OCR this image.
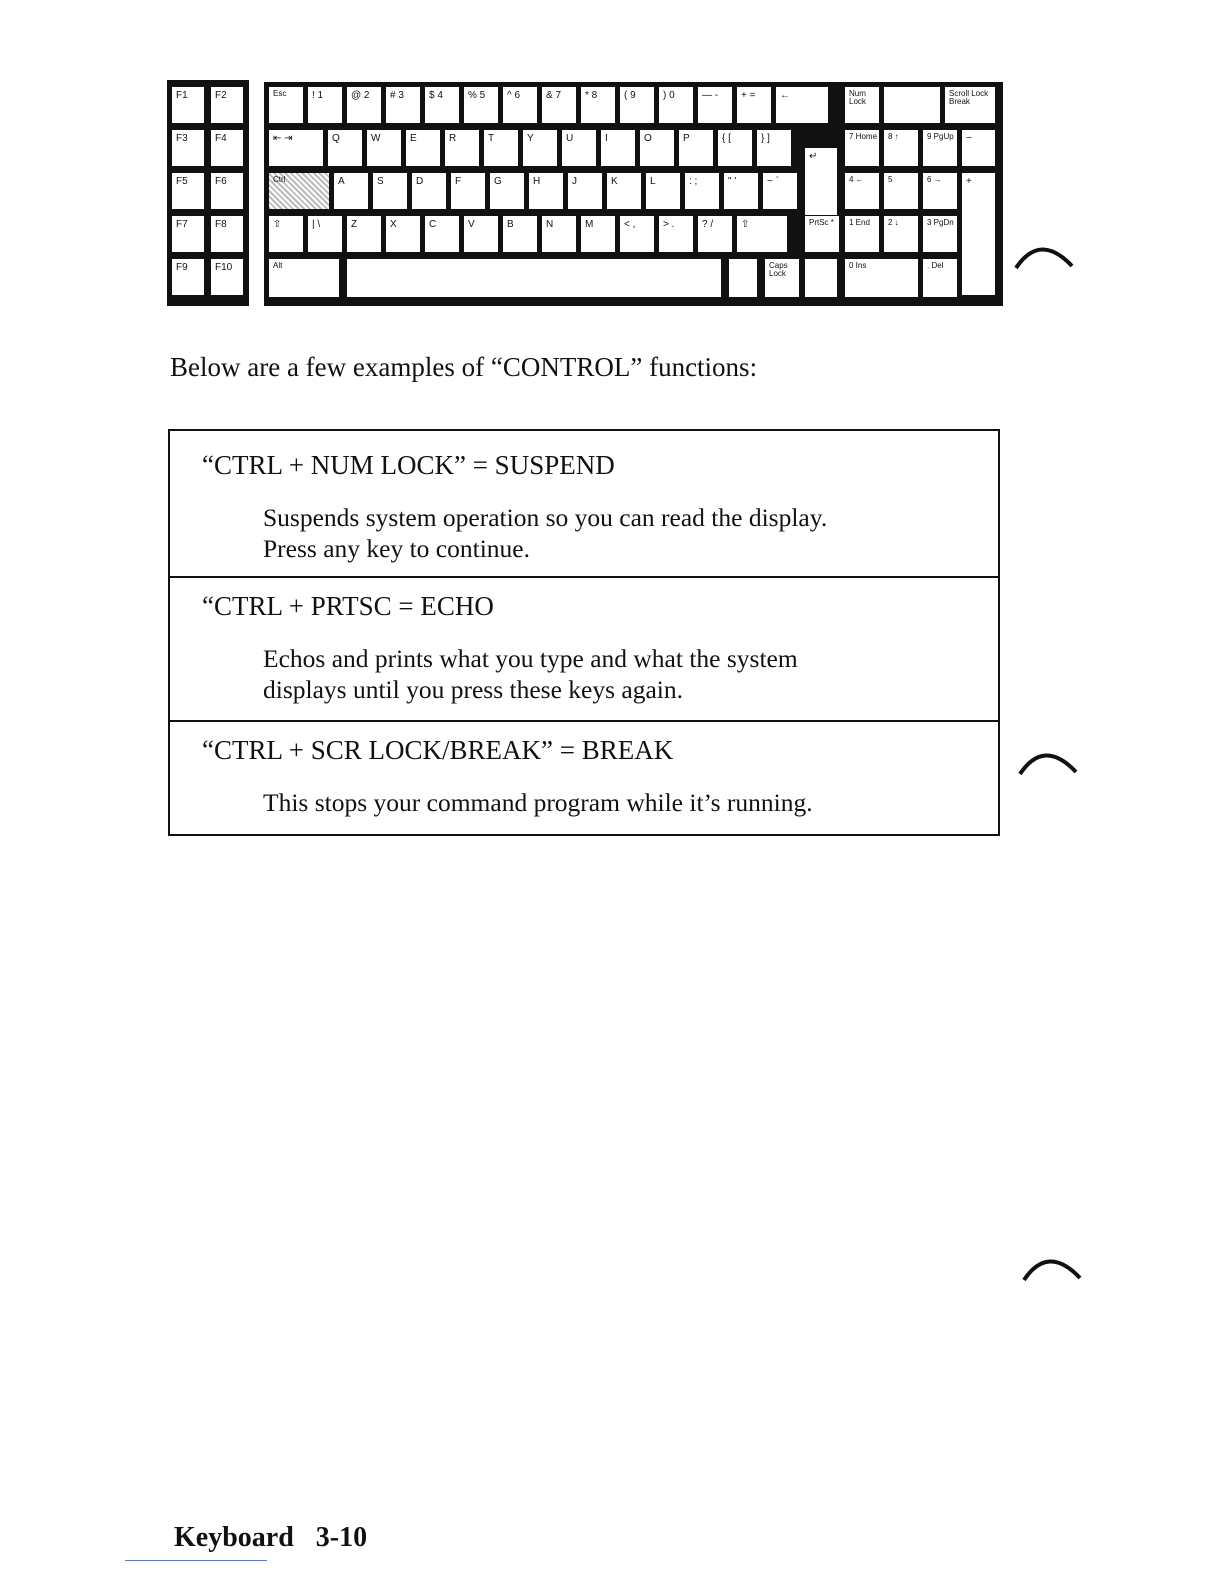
F1	F2
F3	F4
F5	F6
F7	F8
F9	F10
Esc	! 1	@ 2	# 3	$ 4	% 5	^ 6	& 7	* 8	( 9	) 0	— -	+ =	←	Num Lock
Scroll Lock Break
⇤ ⇥	Q	W	E	R	T	Y	U	I	O	P	{ [	} ]	7 Home	8 ↑	9 PgUp	−
Ctrl	A	S	D	F	G	H	J	K	L	: ;	" '	~ `
↵
4 ←	5	6 →
⇧	| \	Z	X	C	V	B	N	M	< ,	> .	? /	⇧	PrtSc *	1 End	2 ↓	3 PgDn
+
Alt	Caps Lock
0 Ins	. Del

Below are a few examples of “CONTROL” functions:

“CTRL + NUM LOCK” = SUSPEND

Suspends system operation so you can read the display.
Press any key to continue.

“CTRL + PRTSC = ECHO

Echos and prints what you type and what the system
displays until you press these keys again.

“CTRL + SCR LOCK/BREAK” = BREAK

This stops your command program while it’s running.

Keyboard 3-10
